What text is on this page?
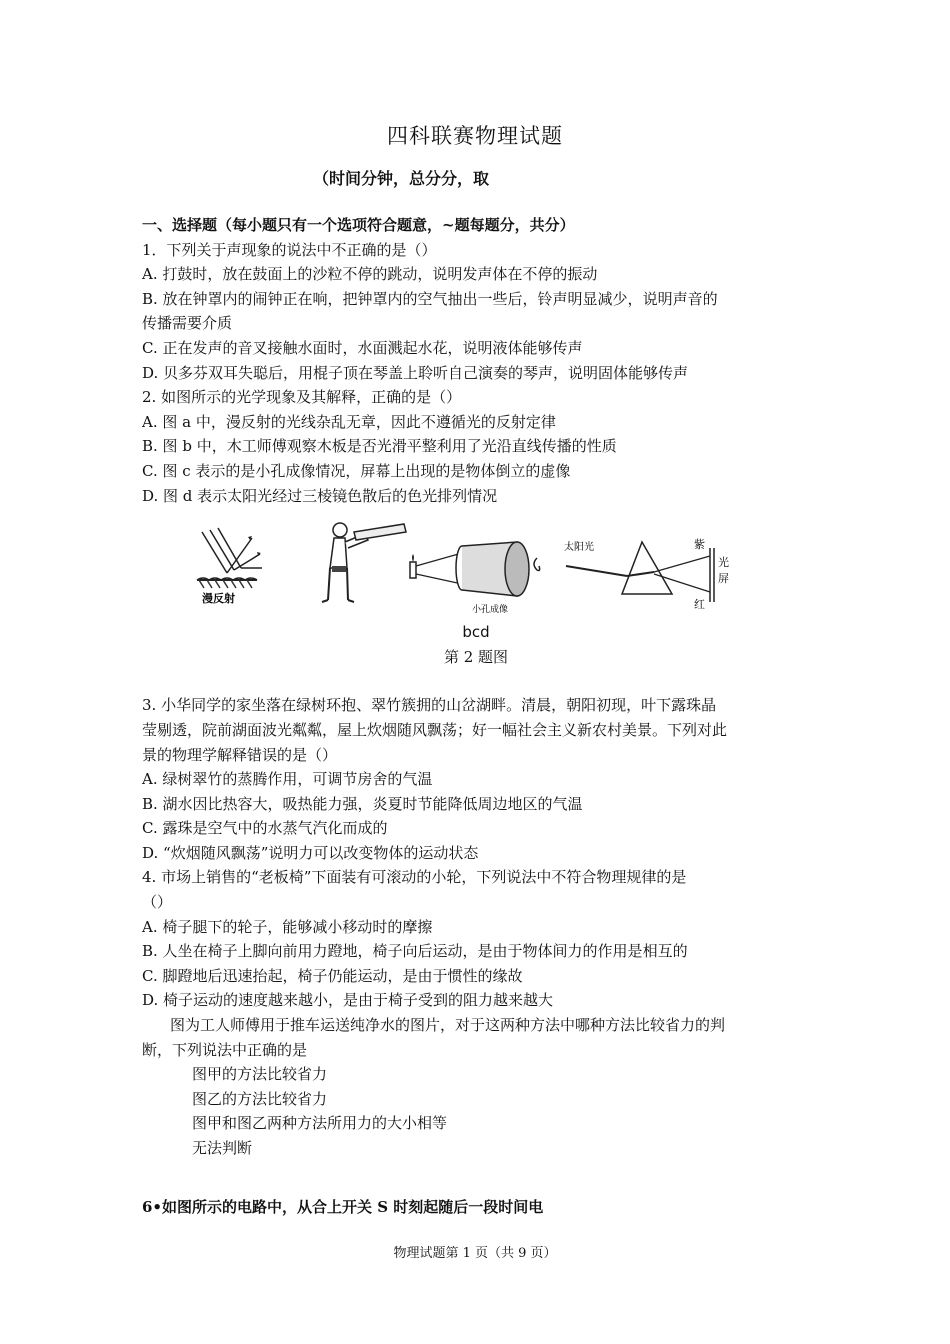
四科联赛物理试题
（时间分钟，总分分，取
一、选择题（每小题只有一个选项符合题意，~题每题分，共分）
1．下列关于声现象的说法中不正确的是（）
A. 打鼓时，放在鼓面上的沙粒不停的跳动，说明发声体在不停的振动
B. 放在钟罩内的闹钟正在响，把钟罩内的空气抽出一些后，铃声明显减少，说明声音的
传播需要介质
C. 正在发声的音叉接触水面时，水面溅起水花，说明液体能够传声
D. 贝多芬双耳失聪后，用棍子顶在琴盖上聆听自己演奏的琴声，说明固体能够传声
2. 如图所示的光学现象及其解释，正确的是（）
A. 图 a 中，漫反射的光线杂乱无章，因此不遵循光的反射定律
B. 图 b 中，木工师傅观察木板是否光滑平整利用了光沿直线传播的性质
C. 图 c 表示的是小孔成像情况，屏幕上出现的是物体倒立的虚像
D. 图 d 表示太阳光经过三棱镜色散后的色光排列情况
漫反射
小孔成像
太阳光	紫
红
光
屏
bcd
第 2 题图
3. 小华同学的家坐落在绿树环抱、翠竹簇拥的山岔湖畔。清晨，朝阳初现，叶下露珠晶
莹剔透，院前湖面波光粼粼，屋上炊烟随风飘荡；好一幅社会主义新农村美景。下列对此
景的物理学解释错误的是（）
A. 绿树翠竹的蒸腾作用，可调节房舍的气温
B. 湖水因比热容大，吸热能力强，炎夏时节能降低周边地区的气温
C. 露珠是空气中的水蒸气汽化而成的
D. “炊烟随风飘荡”说明力可以改变物体的运动状态
4. 市场上销售的“老板椅”下面装有可滚动的小轮，下列说法中不符合物理规律的是
（）
A. 椅子腿下的轮子，能够减小移动时的摩擦
B. 人坐在椅子上脚向前用力蹬地，椅子向后运动，是由于物体间力的作用是相互的
C. 脚蹬地后迅速抬起，椅子仍能运动，是由于惯性的缘故
D. 椅子运动的速度越来越小，是由于椅子受到的阻力越来越大
图为工人师傅用于推车运送纯净水的图片，对于这两种方法中哪种方法比较省力的判
断，下列说法中正确的是
图甲的方法比较省力
图乙的方法比较省力
图甲和图乙两种方法所用力的大小相等
无法判断
6•如图所示的电路中，从合上开关 S 时刻起随后一段时间电
物理试题第 1 页（共 9 页）
